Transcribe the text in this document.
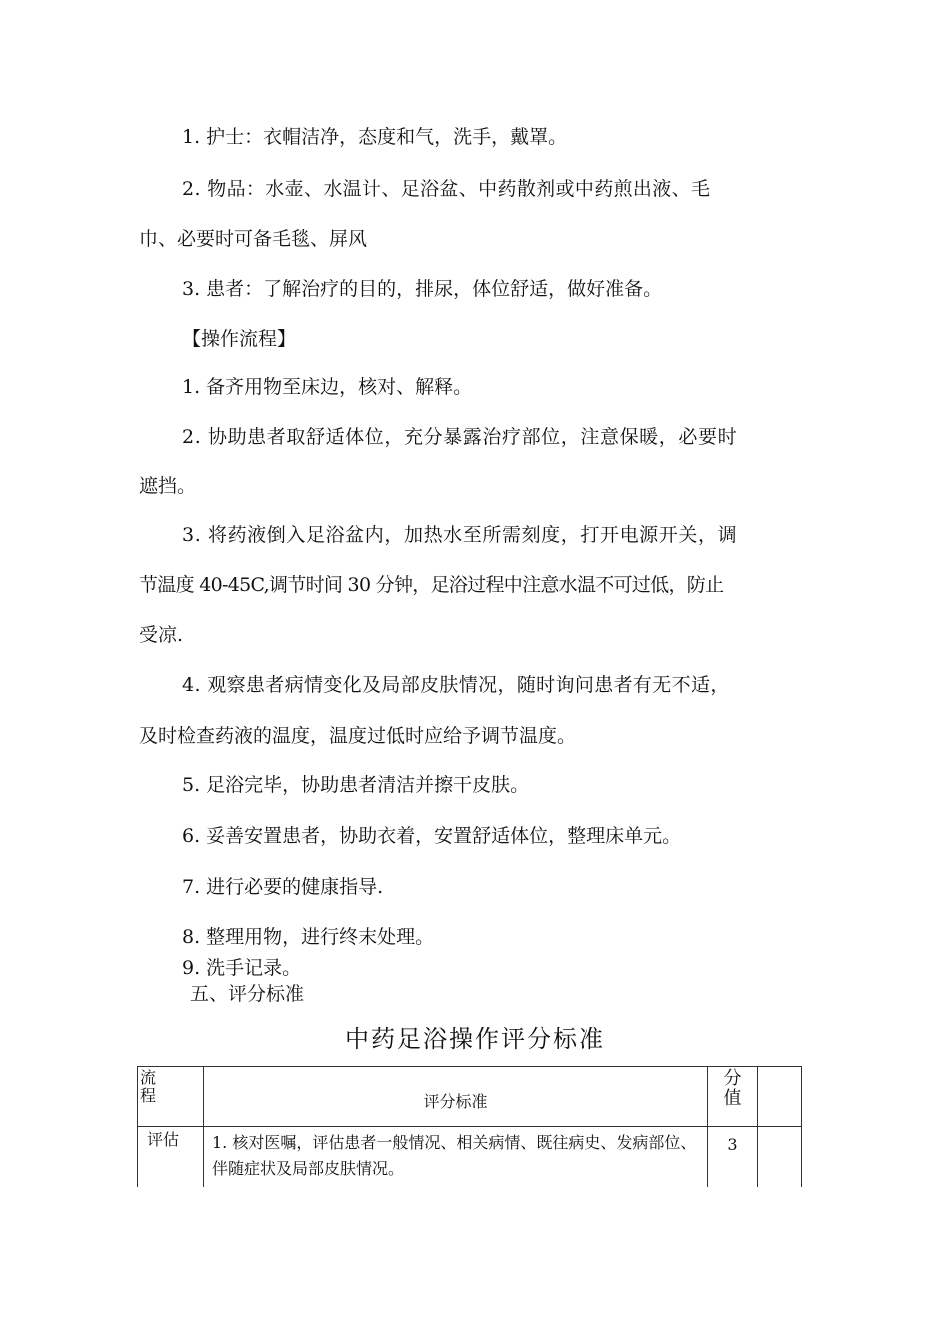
1. 护士：衣帽洁净，态度和气，洗手，戴罩。
2. 物品：水壶、水温计、足浴盆、中药散剂或中药煎出液、毛
巾、必要时可备毛毯、屏风
3. 患者：了解治疗的目的，排尿，体位舒适，做好准备。
【操作流程】
1. 备齐用物至床边，核对、解释。
2. 协助患者取舒适体位，充分暴露治疗部位，注意保暖，必要时
遮挡。
3. 将药液倒入足浴盆内，加热水至所需刻度，打开电源开关，调
节温度 40-45C,调节时间 30 分钟，足浴过程中注意水温不可过低，防止
受凉.
4. 观察患者病情变化及局部皮肤情况，随时询问患者有无不适，
及时检查药液的温度，温度过低时应给予调节温度。
5. 足浴完毕，协助患者清洁并擦干皮肤。
6. 妥善安置患者，协助衣着，安置舒适体位，整理床单元。
7. 进行必要的健康指导.
8. 整理用物，进行终末处理。
9. 洗手记录。
五、评分标准
中药足浴操作评分标准
流程	评分标准	分值	

评估	1. 核对医嘱，评估患者一般情况、相关病情、既往病史、发病部位、伴随症状及局部皮肤情况。	3	
